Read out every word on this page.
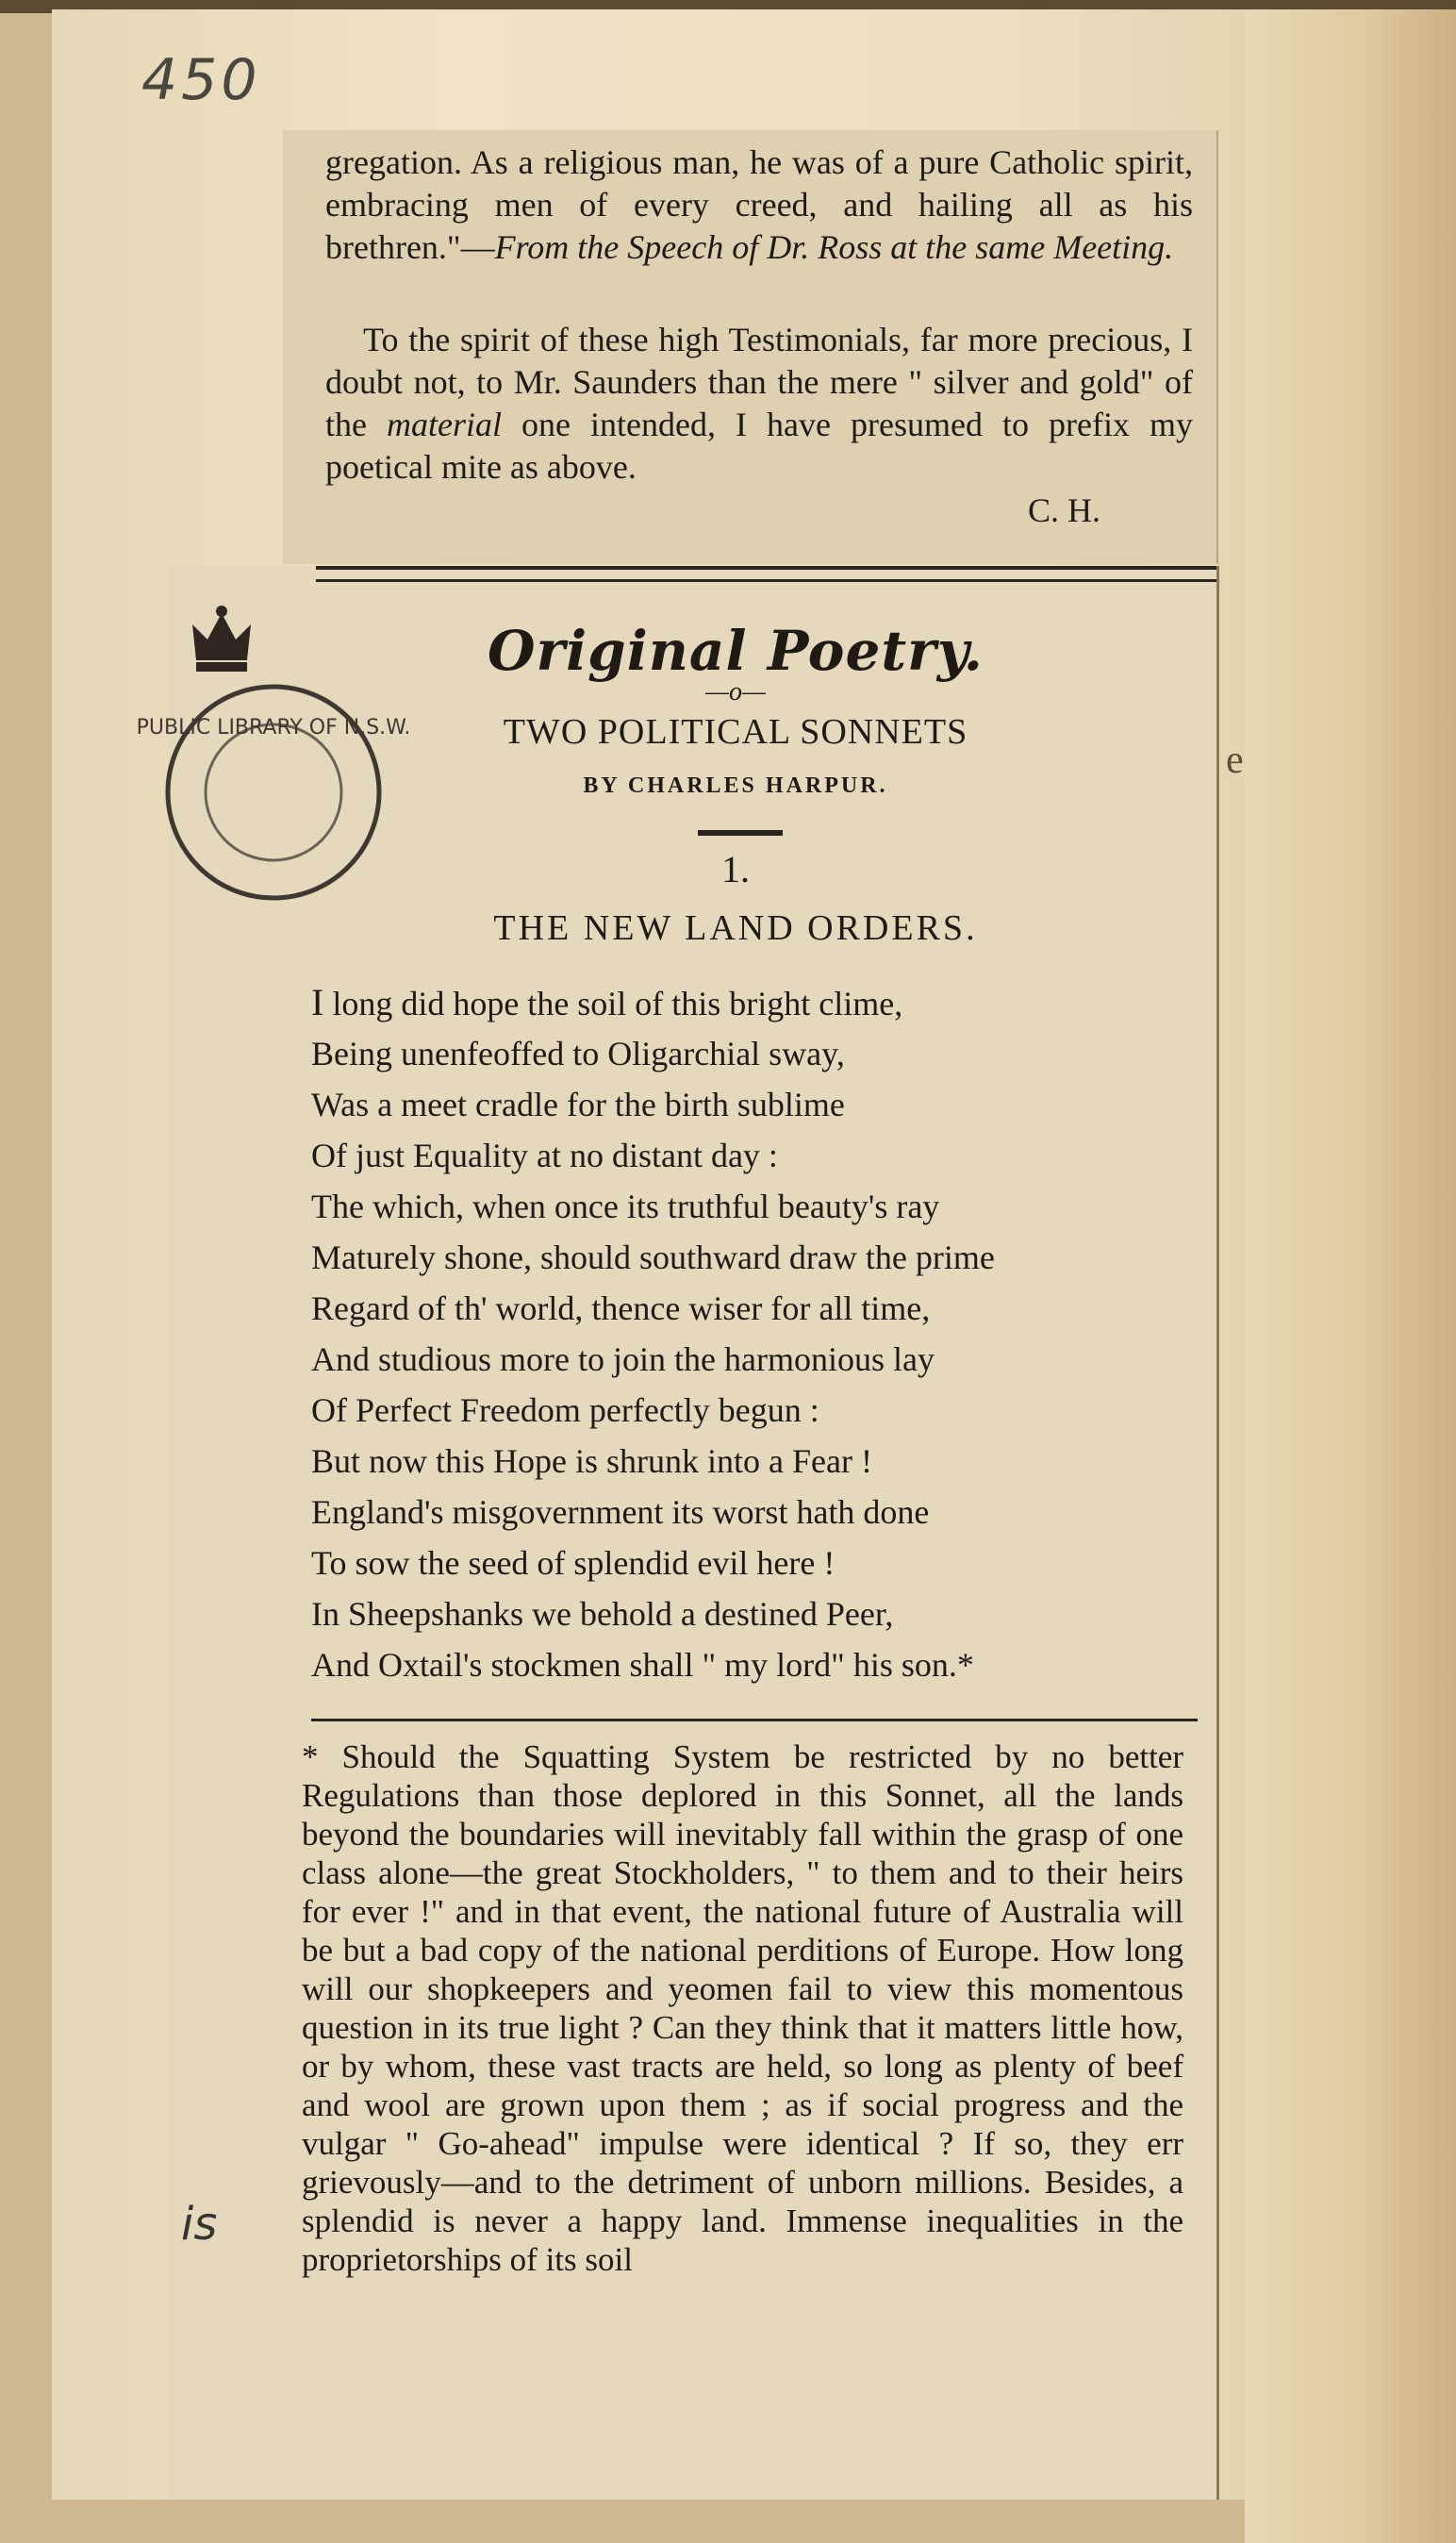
450

gregation. As a religious man, he was of a pure Catholic spirit, embracing men of every creed, and hailing all as his brethren."—From the Speech of Dr. Ross at the same Meeting.

To the spirit of these high Testimonials, far more precious, I doubt not, to Mr. Saunders than the mere " silver and gold" of the material one intended, I have presumed to prefix my poetical mite as above.

C. H.
PUBLIC LIBRARY OF N.S.W.
Original Poetry.
—o—
TWO POLITICAL SONNETS
BY CHARLES HARPUR.
1.
THE NEW LAND ORDERS.
I long did hope the soil of this bright clime,
Being unenfeoffed to Oligarchial sway,
Was a meet cradle for the birth sublime
Of just Equality at no distant day :
The which, when once its truthful beauty's ray
Maturely shone, should southward draw the prime
Regard of th' world, thence wiser for all time,
And studious more to join the harmonious lay
Of Perfect Freedom perfectly begun :
But now this Hope is shrunk into a Fear !
England's misgovernment its worst hath done
To sow the seed of splendid evil here !
In Sheepshanks we behold a destined Peer,
And Oxtail's stockmen shall " my lord" his son.*

* Should the Squatting System be restricted by no better Regulations than those deplored in this Sonnet, all the lands beyond the boundaries will inevitably fall within the grasp of one class alone—the great Stockholders, " to them and to their heirs for ever !" and in that event, the national future of Australia will be but a bad copy of the national perditions of Europe. How long will our shopkeepers and yeomen fail to view this momentous question in its true light ? Can they think that it matters little how, or by whom, these vast tracts are held, so long as plenty of beef and wool are grown upon them ; as if social progress and the vulgar " Go-ahead" impulse were identical ? If so, they err grievously—and to the detriment of unborn millions. Besides, a splendid is never a happy land. Immense inequalities in the proprietorships of its soil

is
e
